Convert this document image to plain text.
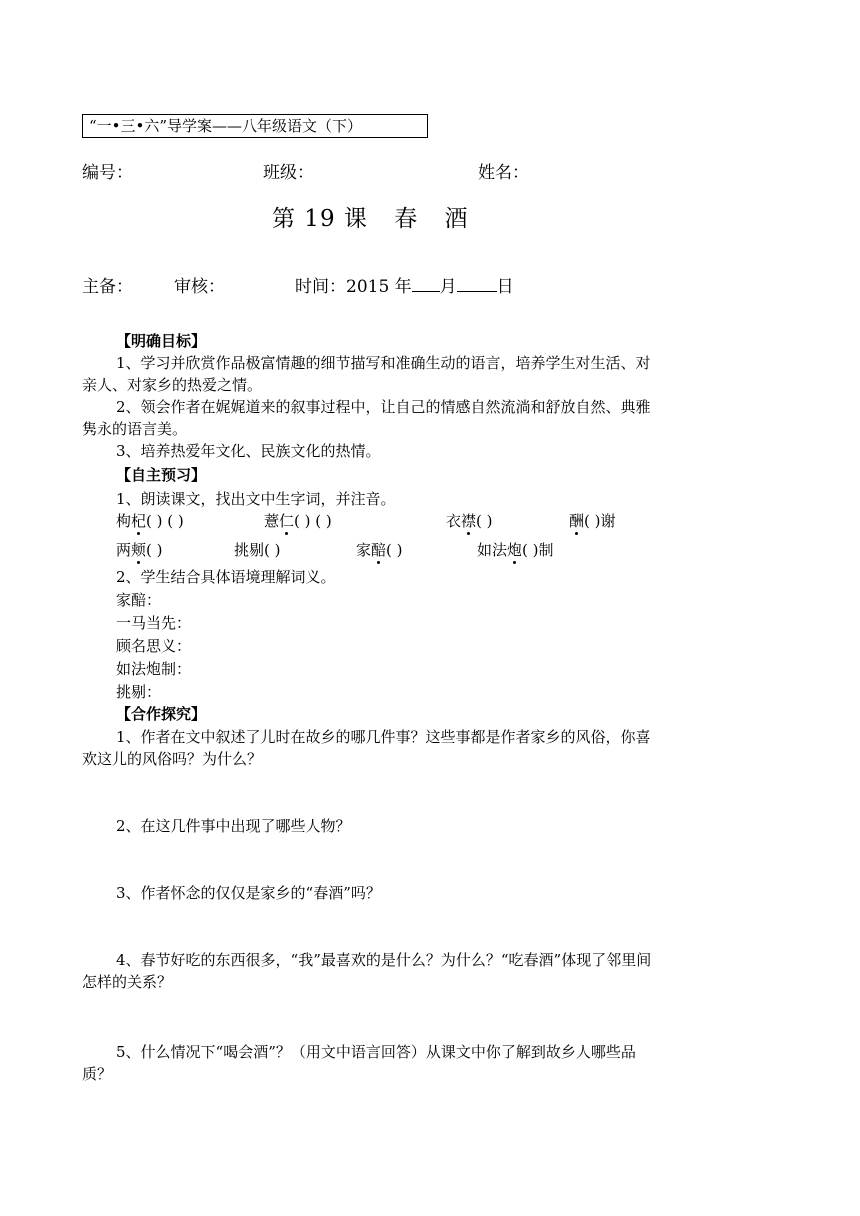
“一•三•六”导学案——八年级语文（下）
编号：	班级：	姓名：
第 19 课 春 酒
主备： 审核：	时间：2015 年 月 日
【明确目标】
1、学习并欣赏作品极富情趣的细节描写和准确生动的语言，培养学生对生活、对亲人、对家乡的热爱之情。
2、领会作者在娓娓道来的叙事过程中，让自己的情感自然流淌和舒放自然、典雅隽永的语言美。
3、培养热爱年文化、民族文化的热情。
【自主预习】
1、朗读课文，找出文中生字词，并注音。
枸杞( ) ( )	薏仁( ) ( )	衣襟( )	酬( )谢
两颊( )	挑剔( )	家醅( )	如法炮( )制
2、学生结合具体语境理解词义。
家醅：
一马当先：
顾名思义：
如法炮制：
挑剔：
【合作探究】
1、作者在文中叙述了儿时在故乡的哪几件事？这些事都是作者家乡的风俗，你喜欢这儿的风俗吗？为什么？
2、在这几件事中出现了哪些人物？
3、作者怀念的仅仅是家乡的“春酒”吗？
4、春节好吃的东西很多，“我”最喜欢的是什么？为什么？“吃春酒”体现了邻里间怎样的关系？
5、什么情况下“喝会酒”？（用文中语言回答）从课文中你了解到故乡人哪些品质？
